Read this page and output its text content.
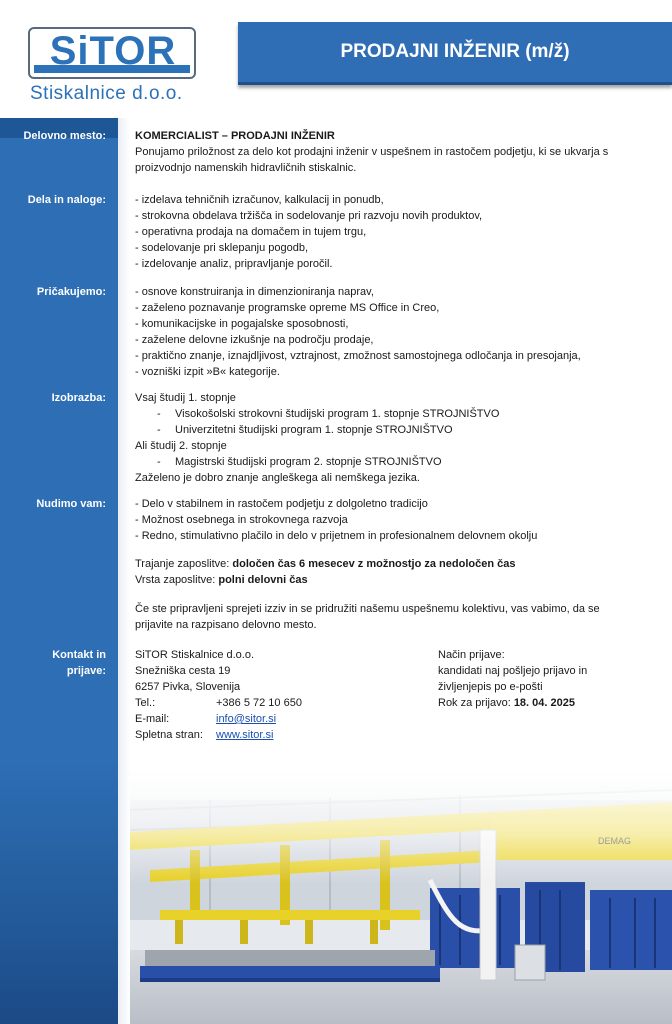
SiTOR
Stiskalnice d.o.o.
PRODAJNI INŽENIR (m/ž)
Delovno mesto:	KOMERCIALIST – PRODAJNI INŽENIR
Ponujamo priložnost za delo kot prodajni inženir v uspešnem in rastočem podjetju, ki se ukvarja s
proizvodnjo namenskih hidravličnih stiskalnic.
Dela in naloge:	- izdelava tehničnih izračunov, kalkulacij in ponudb,
- strokovna obdelava tržišča in sodelovanje pri razvoju novih produktov,
- operativna prodaja na domačem in tujem trgu,
- sodelovanje pri sklepanju pogodb,
- izdelovanje analiz, pripravljanje poročil.
Pričakujemo:	- osnove konstruiranja in dimenzioniranja naprav,
- zaželeno poznavanje programske opreme MS Office in Creo,
- komunikacijske in pogajalske sposobnosti,
- zaželene delovne izkušnje na področju prodaje,
- praktično znanje, iznajdljivost, vztrajnost, zmožnost samostojnega odločanja in presojanja,
- vozniški izpit »B« kategorije.
Izobrazba:	Vsaj študij 1. stopnje
- Visokošolski strokovni študijski program 1. stopnje STROJNIŠTVO
- Univerzitetni študijski program 1. stopnje STROJNIŠTVO
Ali študij 2. stopnje
- Magistrski študijski program 2. stopnje STROJNIŠTVO
Zaželeno je dobro znanje angleškega ali nemškega jezika.
Nudimo vam:	- Delo v stabilnem in rastočem podjetju z dolgoletno tradicijo
- Možnost osebnega in strokovnega razvoja
- Redno, stimulativno plačilo in delo v prijetnem in profesionalnem delovnem okolju
Trajanje zaposlitve: določen čas 6 mesecev z možnostjo za nedoločen čas
Vrsta zaposlitve: polni delovni čas
Če ste pripravljeni sprejeti izziv in se pridružiti našemu uspešnemu kolektivu, vas vabimo, da se
prijavite na razpisano delovno mesto.
Kontakt in
prijave:
SiTOR Stiskalnice d.o.o.
Snežniška cesta 19
6257 Pivka, Slovenija
Tel.:	+386 5 72 10 650
E-mail:	info@sitor.si
Spletna stran: www.sitor.si
Način prijave:
kandidati naj pošljejo prijavo in
življenjepis po e-pošti
Rok za prijavo: 18. 04. 2025
